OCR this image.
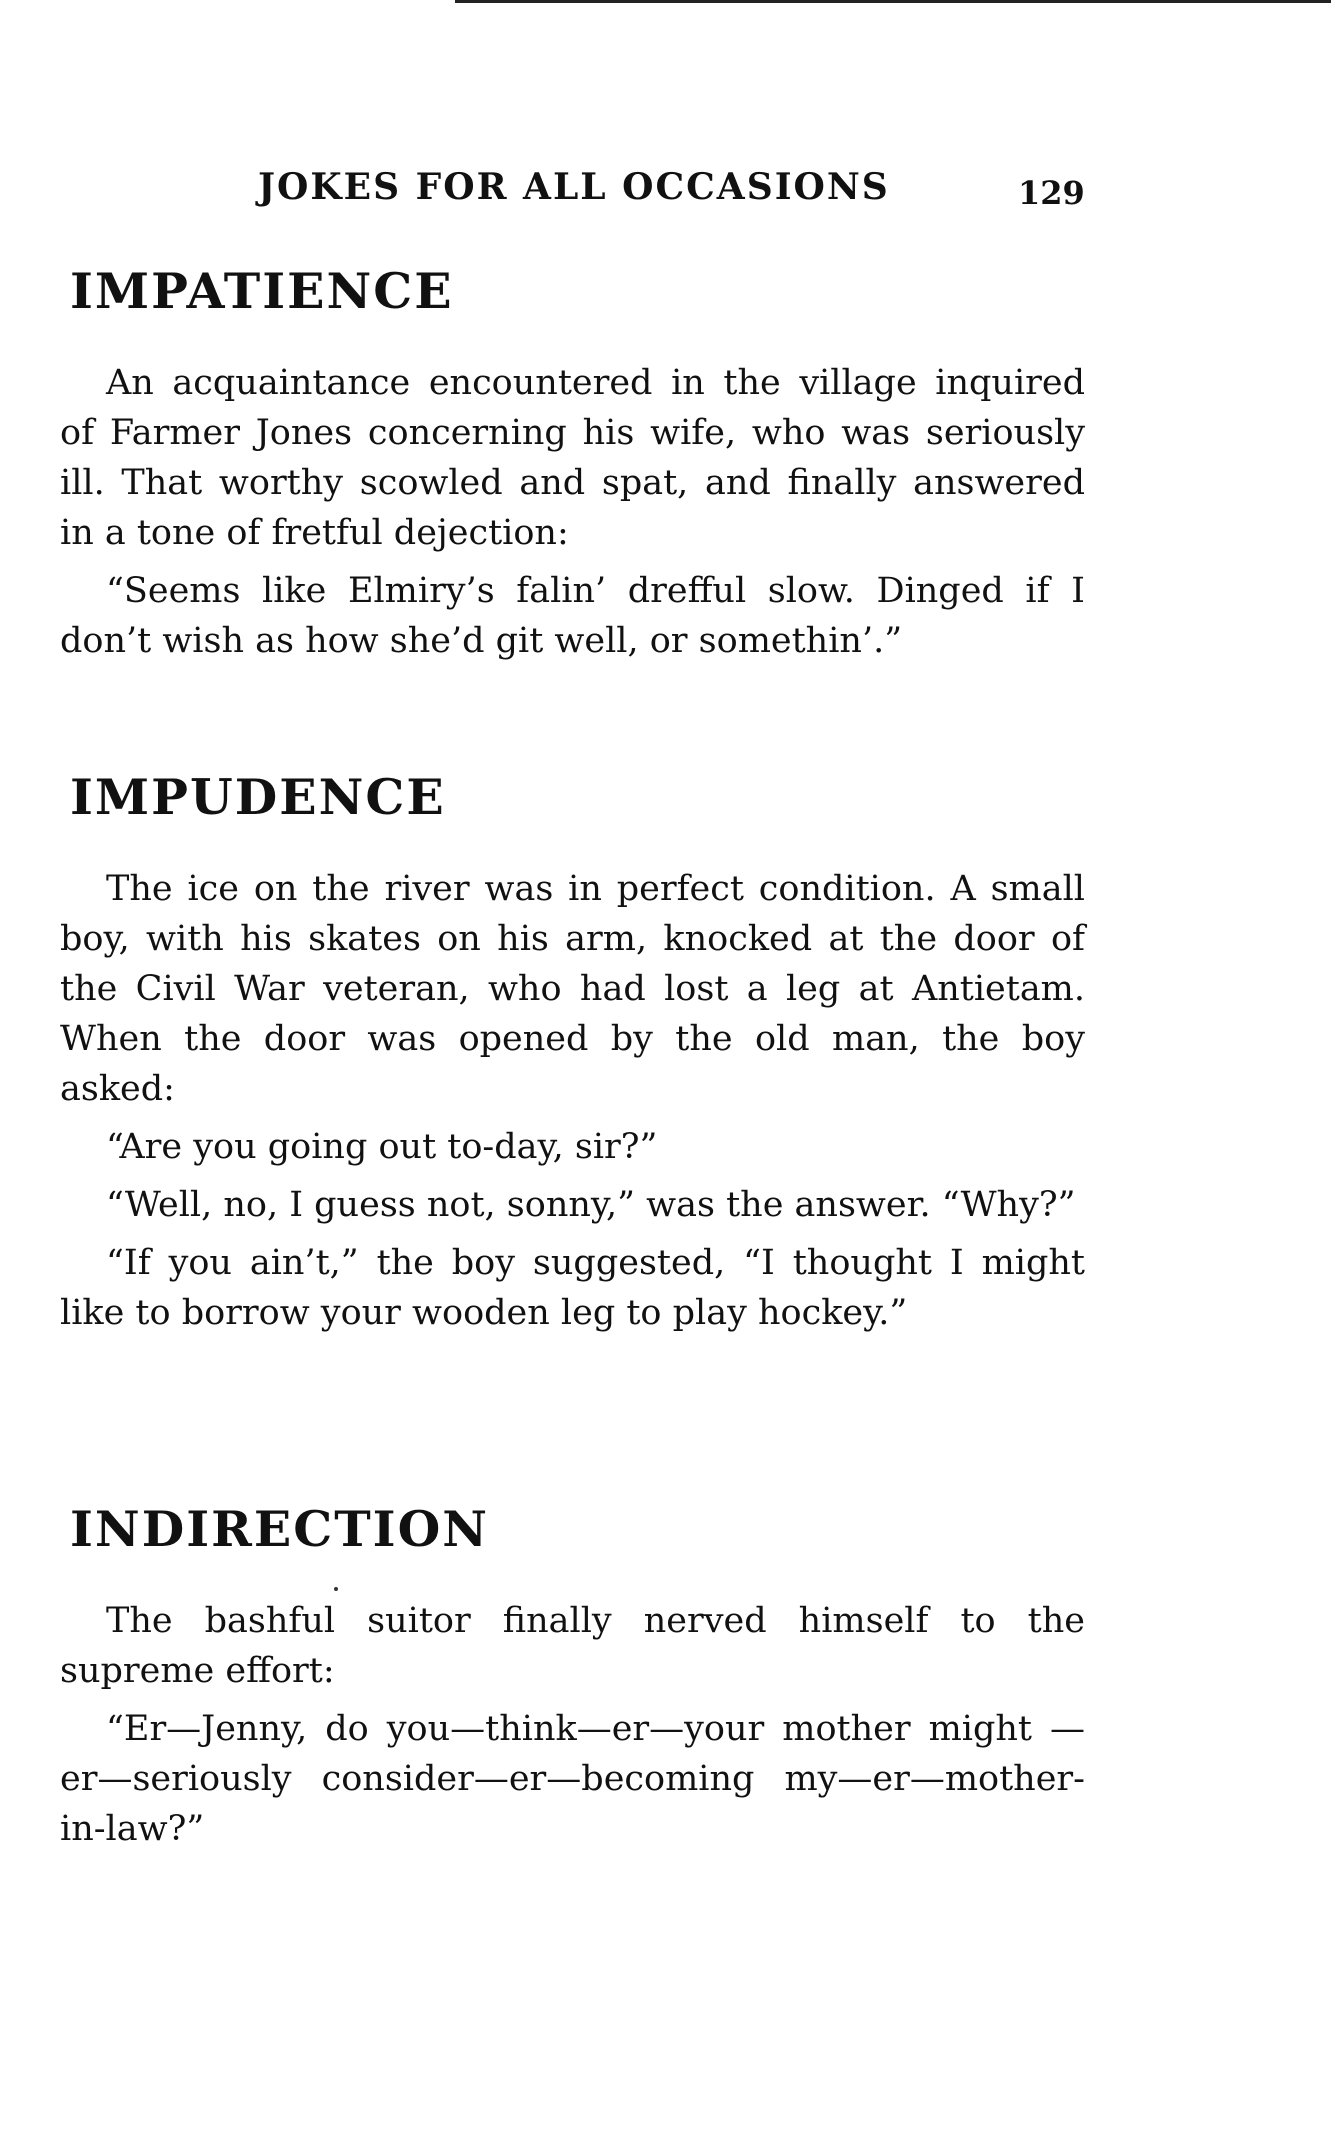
JOKES FOR ALL OCCASIONS	129
IMPATIENCE

An acquaintance encountered in the village inquired of Farmer Jones concerning his wife, who was seriously ill. That worthy scowled and spat, and finally answered in a tone of fretful dejection:

“Seems like Elmiry’s falin’ drefful slow. Dinged if I don’t wish as how she’d git well, or somethin’.”

IMPUDENCE

The ice on the river was in perfect condition. A small boy, with his skates on his arm, knocked at the door of the Civil War veteran, who had lost a leg at Antietam. When the door was opened by the old man, the boy asked:

“Are you going out to-day, sir?”

“Well, no, I guess not, sonny,” was the answer. “Why?”

“If you ain’t,” the boy suggested, “I thought I might like to borrow your wooden leg to play hockey.”

INDIRECTION

The bashful suitor finally nerved himself to the supreme effort:

“Er—Jenny, do you—think—er—your mother might —er—seriously consider—er—becoming my—er—mother-in-law?”
